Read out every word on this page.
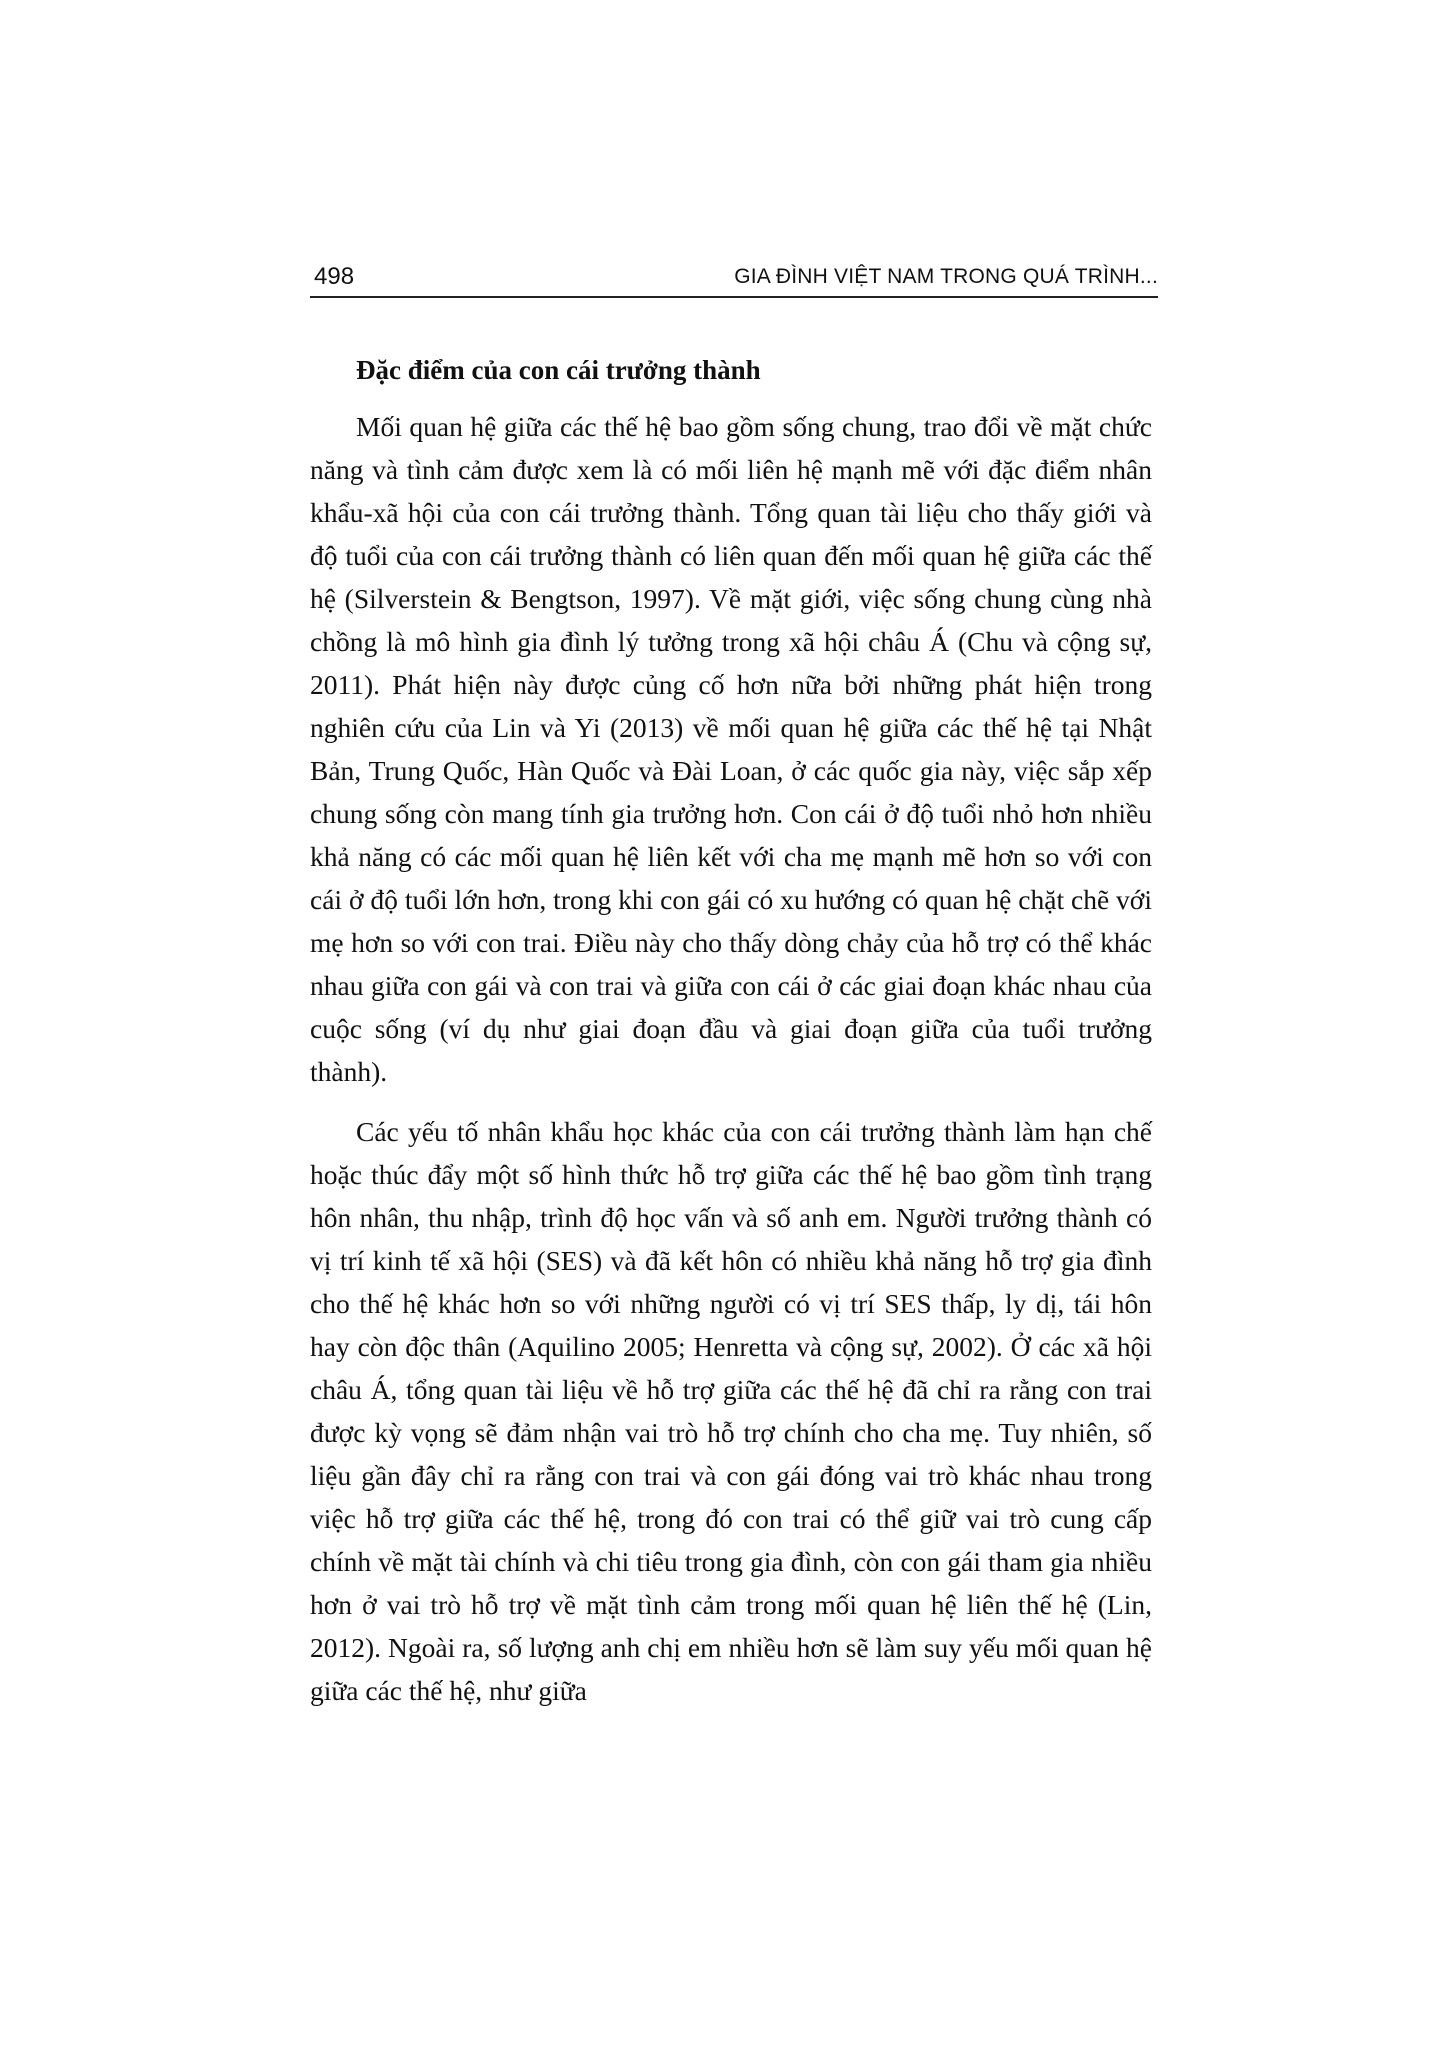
498	GIA ĐÌNH VIỆT NAM TRONG QUÁ TRÌNH...
Đặc điểm của con cái trưởng thành

Mối quan hệ giữa các thế hệ bao gồm sống chung, trao đổi về mặt chức năng và tình cảm được xem là có mối liên hệ mạnh mẽ với đặc điểm nhân khẩu-xã hội của con cái trưởng thành. Tổng quan tài liệu cho thấy giới và độ tuổi của con cái trưởng thành có liên quan đến mối quan hệ giữa các thế hệ (Silverstein & Bengtson, 1997). Về mặt giới, việc sống chung cùng nhà chồng là mô hình gia đình lý tưởng trong xã hội châu Á (Chu và cộng sự, 2011). Phát hiện này được củng cố hơn nữa bởi những phát hiện trong nghiên cứu của Lin và Yi (2013) về mối quan hệ giữa các thế hệ tại Nhật Bản, Trung Quốc, Hàn Quốc và Đài Loan, ở các quốc gia này, việc sắp xếp chung sống còn mang tính gia trưởng hơn. Con cái ở độ tuổi nhỏ hơn nhiều khả năng có các mối quan hệ liên kết với cha mẹ mạnh mẽ hơn so với con cái ở độ tuổi lớn hơn, trong khi con gái có xu hướng có quan hệ chặt chẽ với mẹ hơn so với con trai. Điều này cho thấy dòng chảy của hỗ trợ có thể khác nhau giữa con gái và con trai và giữa con cái ở các giai đoạn khác nhau của cuộc sống (ví dụ như giai đoạn đầu và giai đoạn giữa của tuổi trưởng thành).

Các yếu tố nhân khẩu học khác của con cái trưởng thành làm hạn chế hoặc thúc đẩy một số hình thức hỗ trợ giữa các thế hệ bao gồm tình trạng hôn nhân, thu nhập, trình độ học vấn và số anh em. Người trưởng thành có vị trí kinh tế xã hội (SES) và đã kết hôn có nhiều khả năng hỗ trợ gia đình cho thế hệ khác hơn so với những người có vị trí SES thấp, ly dị, tái hôn hay còn độc thân (Aquilino 2005; Henretta và cộng sự, 2002). Ở các xã hội châu Á, tổng quan tài liệu về hỗ trợ giữa các thế hệ đã chỉ ra rằng con trai được kỳ vọng sẽ đảm nhận vai trò hỗ trợ chính cho cha mẹ. Tuy nhiên, số liệu gần đây chỉ ra rằng con trai và con gái đóng vai trò khác nhau trong việc hỗ trợ giữa các thế hệ, trong đó con trai có thể giữ vai trò cung cấp chính về mặt tài chính và chi tiêu trong gia đình, còn con gái tham gia nhiều hơn ở vai trò hỗ trợ về mặt tình cảm trong mối quan hệ liên thế hệ (Lin, 2012). Ngoài ra, số lượng anh chị em nhiều hơn sẽ làm suy yếu mối quan hệ giữa các thế hệ, như giữa
